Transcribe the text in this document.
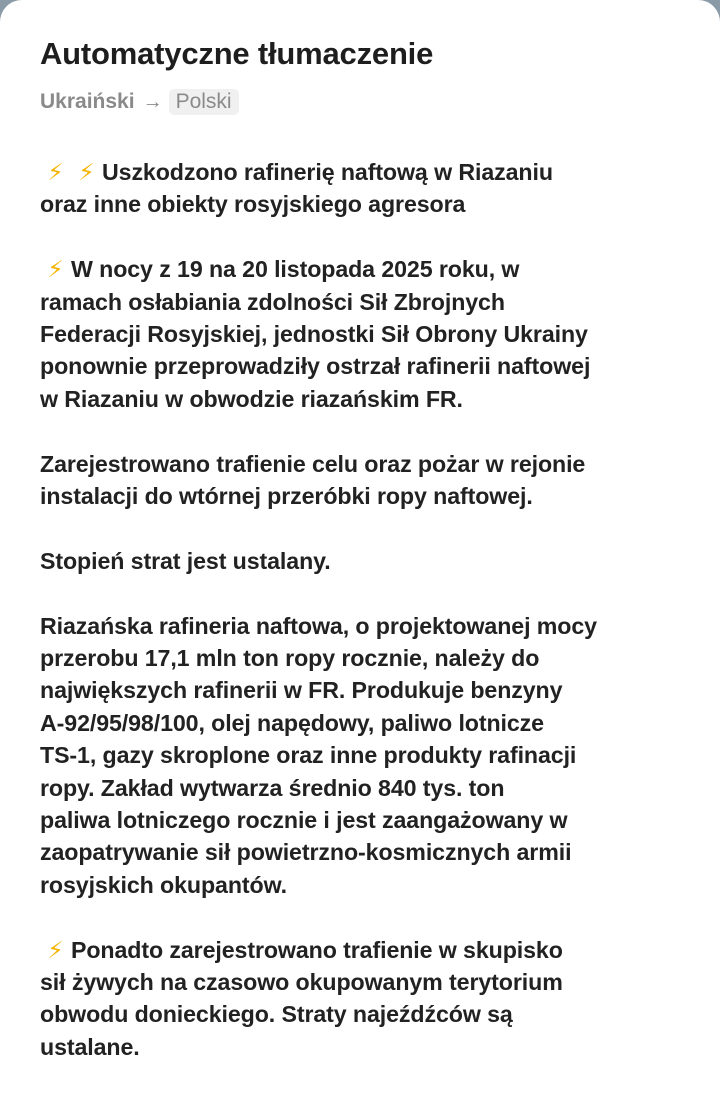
Automatyczne tłumaczenie
Ukraiński → Polski
⚡ ⚡ Uszkodzono rafinerię naftową w Riazaniu
oraz inne obiekty rosyjskiego agresora
⚡ W nocy z 19 na 20 listopada 2025 roku, w
ramach osłabiania zdolności Sił Zbrojnych
Federacji Rosyjskiej, jednostki Sił Obrony Ukrainy
ponownie przeprowadziły ostrzał rafinerii naftowej
w Riazaniu w obwodzie riazańskim FR.
Zarejestrowano trafienie celu oraz pożar w rejonie
instalacji do wtórnej przeróbki ropy naftowej.
Stopień strat jest ustalany.
Riazańska rafineria naftowa, o projektowanej mocy
przerobu 17,1 mln ton ropy rocznie, należy do
największych rafinerii w FR. Produkuje benzyny
A-92/95/98/100, olej napędowy, paliwo lotnicze
TS-1, gazy skroplone oraz inne produkty rafinacji
ropy. Zakład wytwarza średnio 840 tys. ton
paliwa lotniczego rocznie i jest zaangażowany w
zaopatrywanie sił powietrzno-kosmicznych armii
rosyjskich okupantów.
⚡ Ponadto zarejestrowano trafienie w skupisko
sił żywych na czasowo okupowanym terytorium
obwodu donieckiego. Straty najeźdźców są
ustalane.
